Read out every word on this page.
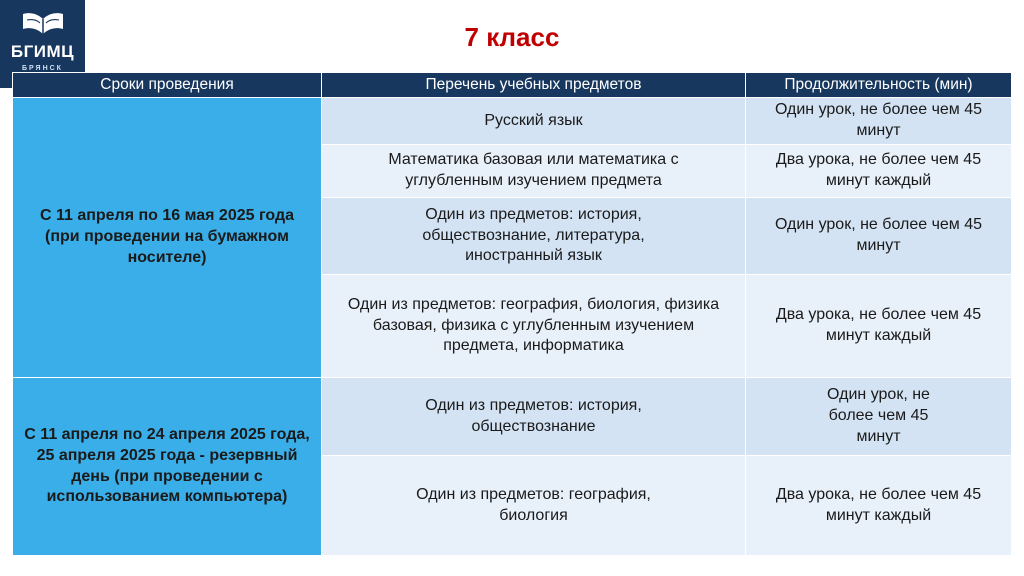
БГИМЦ
БРЯНСК
7 класс
Сроки проведения	Перечень учебных предметов	Продолжительность (мин)

С 11 апреля по 16 мая 2025 года (при проведении на бумажном носителе)	Русский язык	Один урок, не более чем 45 минут
	Математика базовая или математика с углубленным изучением предмета	Два урока, не более чем 45 минут каждый
	Один из предметов: история, обществознание, литература, иностранный язык	Один урок, не более чем 45 минут
	Один из предметов: география, биология, физика базовая, физика с углубленным изучением предмета, информатика	Два урока, не более чем 45 минут каждый

С 11 апреля по 24 апреля 2025 года, 25 апреля 2025 года - резервный день (при проведении с использованием компьютера)	Один из предметов: история, обществознание	Один урок, не более чем 45 минут
	Один из предметов: география, биология	Два урока, не более чем 45 минут каждый
